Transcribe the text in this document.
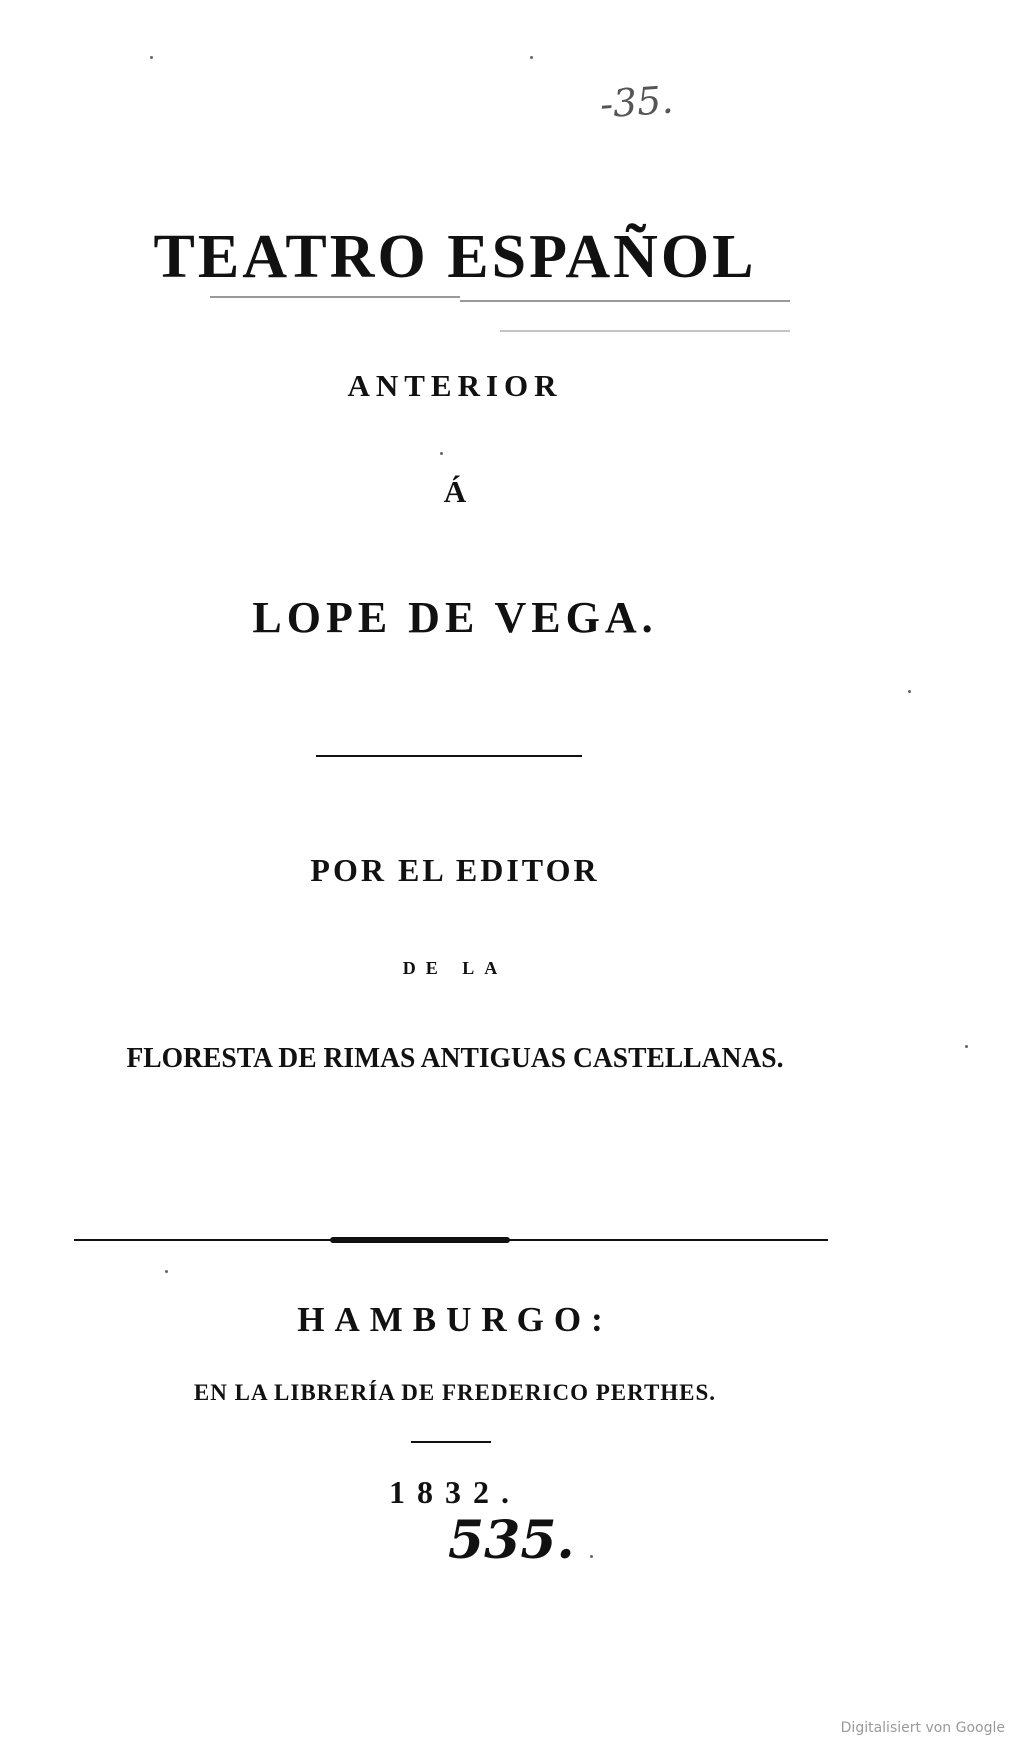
-35.
TEATRO ESPAÑOL
ANTERIOR
Á
LOPE DE VEGA.
POR EL EDITOR
DE LA
FLORESTA DE RIMAS ANTIGUAS CASTELLANAS.
HAMBURGO:
EN LA LIBRERÍA DE FREDERICO PERTHES.
1832.
535.
Digitalisiert von Google
